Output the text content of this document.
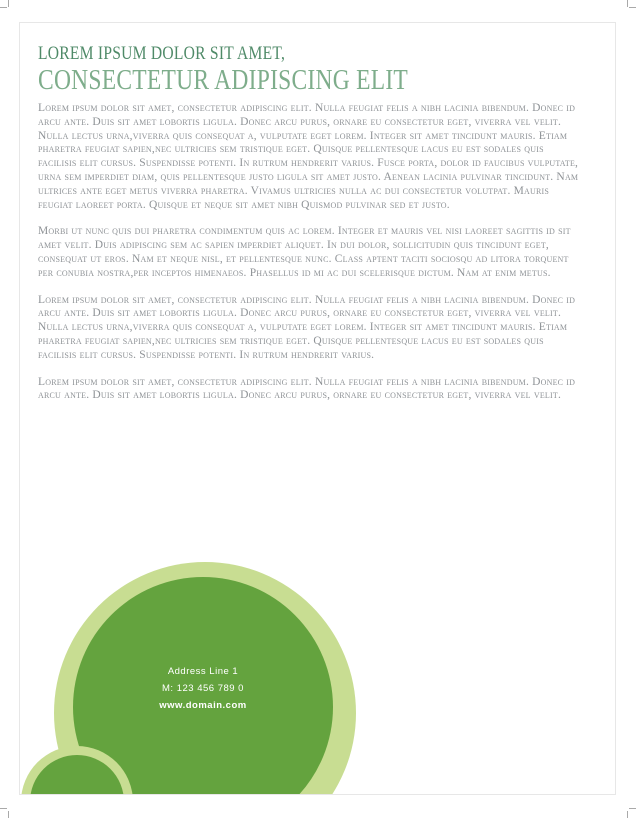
LOREM IPSUM DOLOR SIT AMET,
CONSECTETUR ADIPISCING ELIT

Lorem ipsum dolor sit amet, consectetur adipiscing elit. Nulla feugiat felis a nibh lacinia bibendum. Donec id arcu ante. Duis sit amet lobortis ligula. Donec arcu purus, ornare eu consectetur eget, viverra vel velit. Nulla lectus urna,viverra quis consequat a, vulputate eget lorem. Integer sit amet tincidunt mauris. Etiam pharetra feugiat sapien,nec ultricies sem tristique eget. Quisque pellentesque lacus eu est sodales quis facilisis elit cursus. Suspendisse potenti. In rutrum hendrerit varius. Fusce porta, dolor id faucibus vulputate, urna sem imperdiet diam, quis pellentesque justo ligula sit amet justo. Aenean lacinia pulvinar tincidunt. Nam ultrices ante eget metus viverra pharetra. Vivamus ultricies nulla ac dui consectetur volutpat. Mauris feugiat laoreet porta. Quisque et neque sit amet nibh Quismod pulvinar sed et justo.

Morbi ut nunc quis dui pharetra condimentum quis ac lorem. Integer et mauris vel nisi laoreet sagittis id sit amet velit. Duis adipiscing sem ac sapien imperdiet aliquet. In dui dolor, sollicitudin quis tincidunt eget, consequat ut eros. Nam et neque nisl, et pellentesque nunc. Class aptent taciti sociosqu ad litora torquent per conubia nostra,per inceptos himenaeos. Phasellus id mi ac dui scelerisque dictum. Nam at enim metus.

Lorem ipsum dolor sit amet, consectetur adipiscing elit. Nulla feugiat felis a nibh lacinia bibendum. Donec id arcu ante. Duis sit amet lobortis ligula. Donec arcu purus, ornare eu consectetur eget, viverra vel velit. Nulla lectus urna,viverra quis consequat a, vulputate eget lorem. Integer sit amet tincidunt mauris. Etiam pharetra feugiat sapien,nec ultricies sem tristique eget. Quisque pellentesque lacus eu est sodales quis facilisis elit cursus. Suspendisse potenti. In rutrum hendrerit varius.

Lorem ipsum dolor sit amet, consectetur adipiscing elit. Nulla feugiat felis a nibh lacinia bibendum. Donec id arcu ante. Duis sit amet lobortis ligula. Donec arcu purus, ornare eu consectetur eget, viverra vel velit.

Address Line 1
M: 123 456 789 0
www.domain.com
